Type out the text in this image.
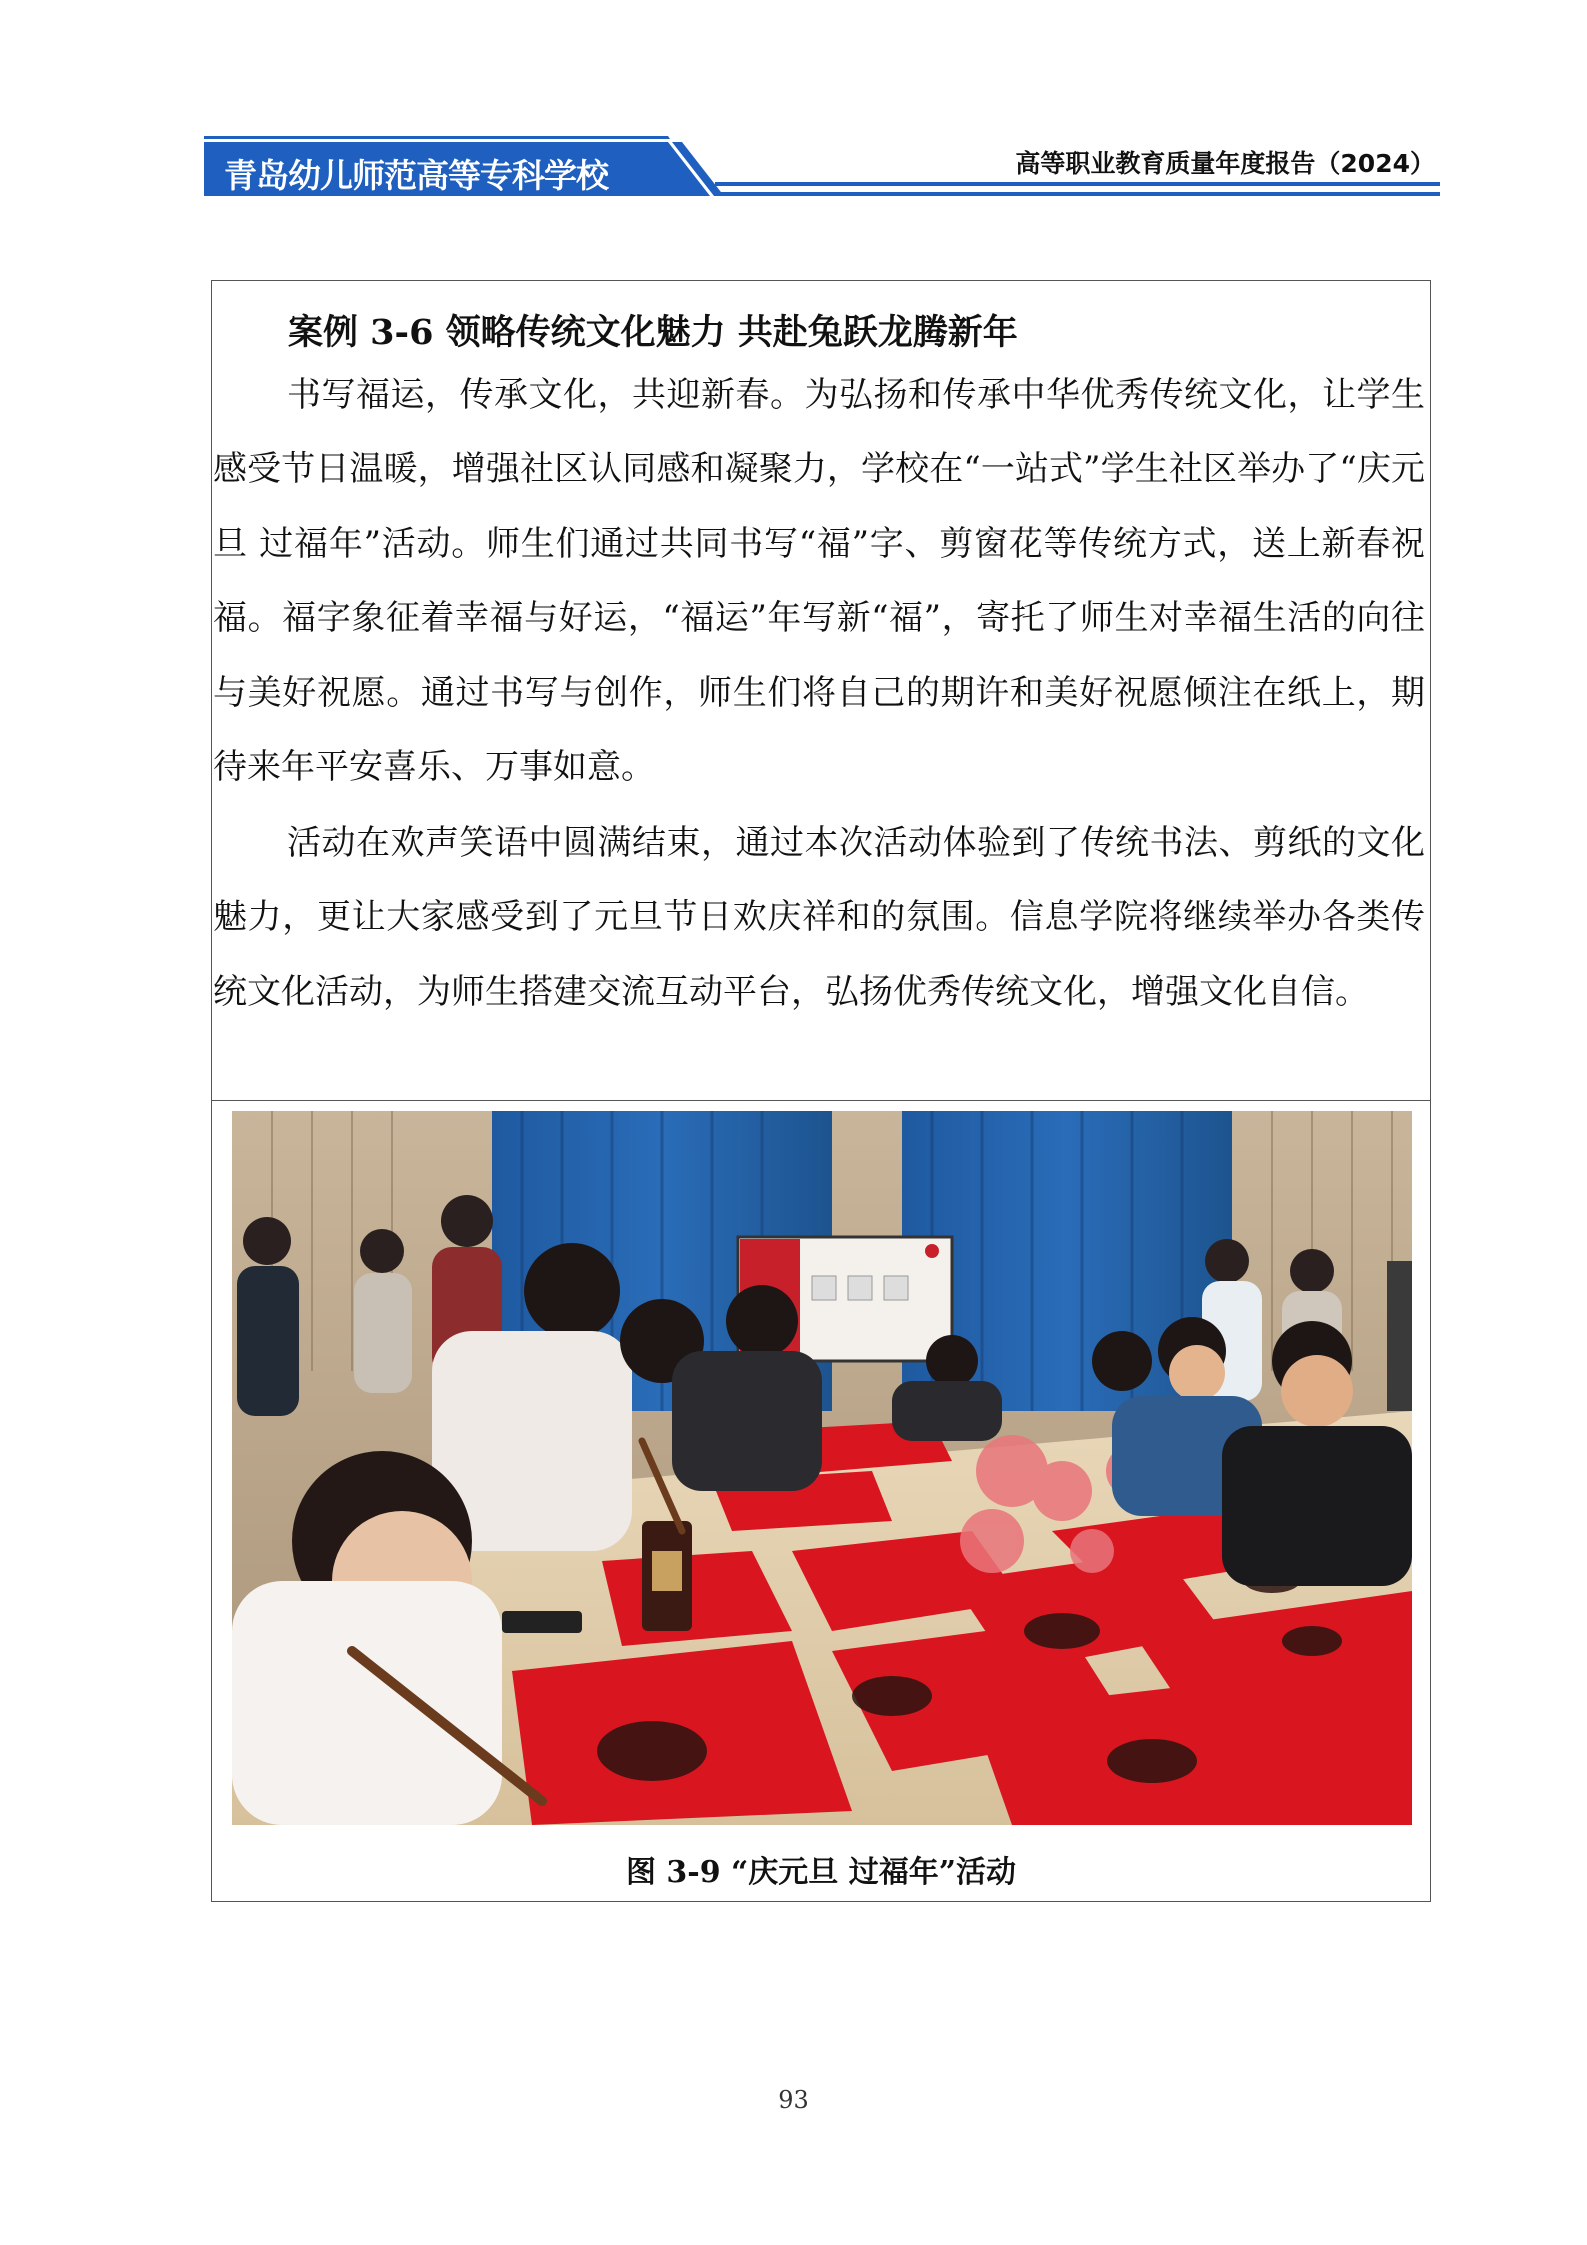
青岛幼儿师范高等专科学校	高等职业教育质量年度报告（2024）
案例 3-6 领略传统文化魅力 共赴兔跃龙腾新年
图 3-9 “庆元旦 过福年”活动

书写福运，传承文化，共迎新春。为弘扬和传承中华优秀传统文化，让学生感受节日温暖，增强社区认同感和凝聚力，学校在“一站式”学生社区举办了“庆元旦 过福年”活动。师生们通过共同书写“福”字、剪窗花等传统方式，送上新春祝福。福字象征着幸福与好运，“福运”年写新“福”，寄托了师生对幸福生活的向往与美好祝愿。通过书写与创作，师生们将自己的期许和美好祝愿倾注在纸上，期待来年平安喜乐、万事如意。

活动在欢声笑语中圆满结束，通过本次活动体验到了传统书法、剪纸的文化魅力，更让大家感受到了元旦节日欢庆祥和的氛围。信息学院将继续举办各类传统文化活动，为师生搭建交流互动平台，弘扬优秀传统文化，增强文化自信。

93
